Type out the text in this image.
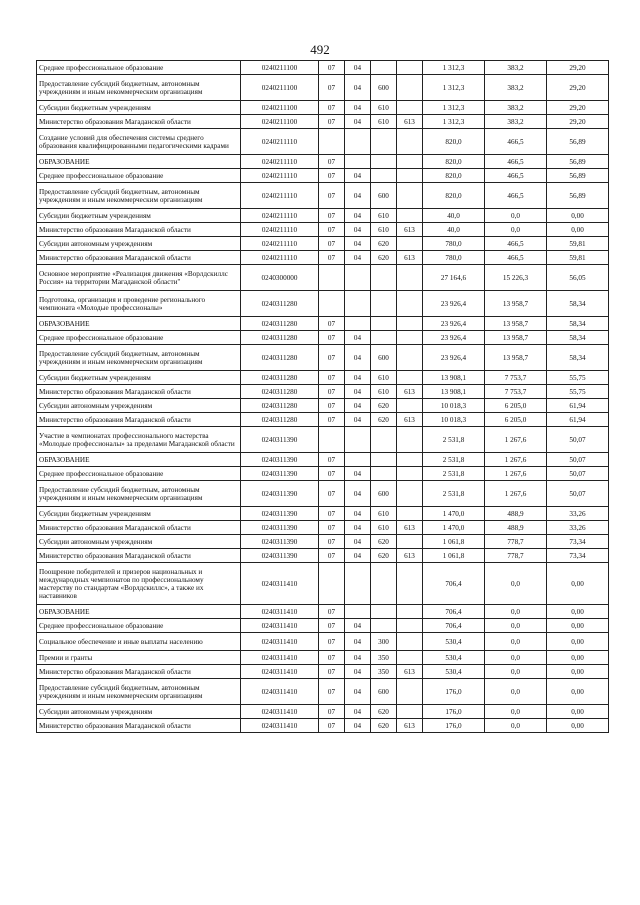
492
Среднее профессиональное образование	0240211100	07	04			1 312,3	383,2	29,20
Предоставление субсидий бюджетным, автономным учреждениям и иным некоммерческим организациям	0240211100	07	04	600		1 312,3	383,2	29,20
Субсидии бюджетным учреждениям	0240211100	07	04	610		1 312,3	383,2	29,20
Министерство образования Магаданской области	0240211100	07	04	610	613	1 312,3	383,2	29,20
Создание условий для обеспечения системы среднего образования квалифицированными педагогическими кадрами	0240211110					820,0	466,5	56,89
ОБРАЗОВАНИЕ	0240211110	07				820,0	466,5	56,89
Среднее профессиональное образование	0240211110	07	04			820,0	466,5	56,89
Предоставление субсидий бюджетным, автономным учреждениям и иным некоммерческим организациям	0240211110	07	04	600		820,0	466,5	56,89
Субсидии бюджетным учреждениям	0240211110	07	04	610		40,0	0,0	0,00
Министерство образования Магаданской области	0240211110	07	04	610	613	40,0	0,0	0,00
Субсидии автономным учреждениям	0240211110	07	04	620		780,0	466,5	59,81
Министерство образования Магаданской области	0240211110	07	04	620	613	780,0	466,5	59,81
Основное мероприятие «Реализация движения «Ворлдскиллс Россия» на территории Магаданской области"	0240300000					27 164,6	15 226,3	56,05
Подготовка, организация и проведение регионального чемпионата «Молодые профессионалы»	0240311280					23 926,4	13 958,7	58,34
ОБРАЗОВАНИЕ	0240311280	07				23 926,4	13 958,7	58,34
Среднее профессиональное образование	0240311280	07	04			23 926,4	13 958,7	58,34
Предоставление субсидий бюджетным, автономным учреждениям и иным некоммерческим организациям	0240311280	07	04	600		23 926,4	13 958,7	58,34
Субсидии бюджетным учреждениям	0240311280	07	04	610		13 908,1	7 753,7	55,75
Министерство образования Магаданской области	0240311280	07	04	610	613	13 908,1	7 753,7	55,75
Субсидии автономным учреждениям	0240311280	07	04	620		10 018,3	6 205,0	61,94
Министерство образования Магаданской области	0240311280	07	04	620	613	10 018,3	6 205,0	61,94
Участие в чемпионатах профессионального мастерства «Молодые профессионалы» за пределами Магаданской области	0240311390					2 531,8	1 267,6	50,07
ОБРАЗОВАНИЕ	0240311390	07				2 531,8	1 267,6	50,07
Среднее профессиональное образование	0240311390	07	04			2 531,8	1 267,6	50,07
Предоставление субсидий бюджетным, автономным учреждениям и иным некоммерческим организациям	0240311390	07	04	600		2 531,8	1 267,6	50,07
Субсидии бюджетным учреждениям	0240311390	07	04	610		1 470,0	488,9	33,26
Министерство образования Магаданской области	0240311390	07	04	610	613	1 470,0	488,9	33,26
Субсидии автономным учреждениям	0240311390	07	04	620		1 061,8	778,7	73,34
Министерство образования Магаданской области	0240311390	07	04	620	613	1 061,8	778,7	73,34
Поощрение победителей и призеров национальных и международных чемпионатов по профессиональному мастерству по стандартам «Ворлдскиллс», а также их наставников	0240311410					706,4	0,0	0,00
ОБРАЗОВАНИЕ	0240311410	07				706,4	0,0	0,00
Среднее профессиональное образование	0240311410	07	04			706,4	0,0	0,00
Социальное обеспечение и иные выплаты населению	0240311410	07	04	300		530,4	0,0	0,00
Премии и гранты	0240311410	07	04	350		530,4	0,0	0,00
Министерство образования Магаданской области	0240311410	07	04	350	613	530,4	0,0	0,00
Предоставление субсидий бюджетным, автономным учреждениям и иным некоммерческим организациям	0240311410	07	04	600		176,0	0,0	0,00
Субсидии автономным учреждениям	0240311410	07	04	620		176,0	0,0	0,00
Министерство образования Магаданской области	0240311410	07	04	620	613	176,0	0,0	0,00
